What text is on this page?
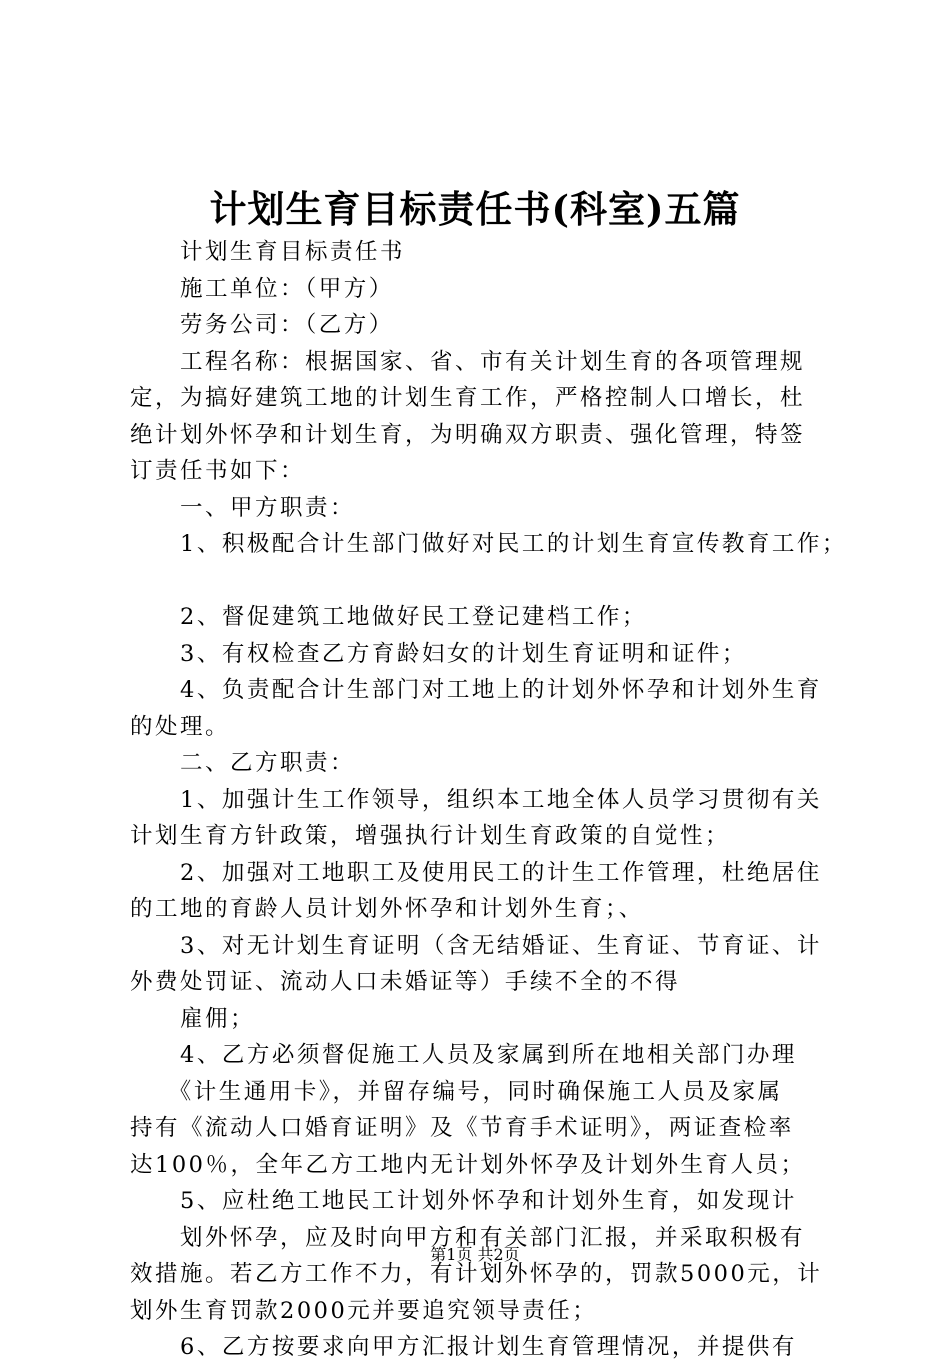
计划生育目标责任书(科室)五篇
　　计划生育目标责任书
　　施工单位：（甲方）
　　劳务公司：（乙方）
　　工程名称：根据国家、省、市有关计划生育的各项管理规
定，为搞好建筑工地的计划生育工作，严格控制人口增长，杜
绝计划外怀孕和计划生育，为明确双方职责、强化管理，特签
订责任书如下：
　　一、甲方职责：
　　1、积极配合计生部门做好对民工的计划生育宣传教育工作；
　　2、督促建筑工地做好民工登记建档工作；
　　3、有权检查乙方育龄妇女的计划生育证明和证件；
　　4、负责配合计生部门对工地上的计划外怀孕和计划外生育
的处理。
　　二、乙方职责：
　　1、加强计生工作领导，组织本工地全体人员学习贯彻有关
计划生育方针政策，增强执行计划生育政策的自觉性；
　　2、加强对工地职工及使用民工的计生工作管理，杜绝居住
的工地的育龄人员计划外怀孕和计划外生育；、
　　3、对无计划生育证明（含无结婚证、生育证、节育证、计
外费处罚证、流动人口未婚证等）手续不全的不得
　　雇佣；
　　4、乙方必须督促施工人员及家属到所在地相关部门办理
　　《计生通用卡》，并留存编号，同时确保施工人员及家属
持有《流动人口婚育证明》及《节育手术证明》，两证查检率
达100％，全年乙方工地内无计划外怀孕及计划外生育人员；
　　5、应杜绝工地民工计划外怀孕和计划外生育，如发现计
　　划外怀孕，应及时向甲方和有关部门汇报，并采取积极有
效措施。若乙方工作不力，有计划外怀孕的，罚款5000元，计
划外生育罚款2000元并要追究领导责任；
　　6、乙方按要求向甲方汇报计划生育管理情况，并提供有
第1页 共2页
